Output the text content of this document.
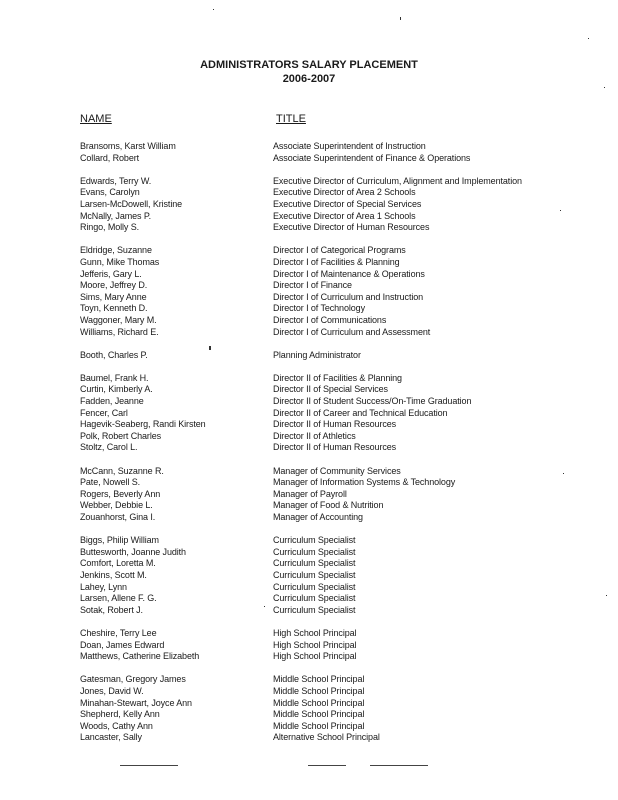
ADMINISTRATORS SALARY PLACEMENT
2006-2007
NAME	TITLE
Bransoms, Karst William	Associate Superintendent of Instruction
Collard, Robert	Associate Superintendent of Finance & Operations
Edwards, Terry W.	Executive Director of Curriculum, Alignment and Implementation
Evans, Carolyn	Executive Director of Area 2 Schools
Larsen-McDowell, Kristine	Executive Director of Special Services
McNally, James P.	Executive Director of Area 1 Schools
Ringo, Molly S.	Executive Director of Human Resources
Eldridge, Suzanne	Director I of Categorical Programs
Gunn, Mike Thomas	Director I of Facilities & Planning
Jefferis, Gary L.	Director I of Maintenance & Operations
Moore, Jeffrey D.	Director I of Finance
Sims, Mary Anne	Director I of Curriculum and Instruction
Toyn, Kenneth D.	Director I of Technology
Waggoner, Mary M.	Director I of Communications
Williams, Richard E.	Director I of Curriculum and Assessment
Booth, Charles P.	Planning Administrator
Baumel, Frank H.	Director II of Facilities & Planning
Curtin, Kimberly A.	Director II of Special Services
Fadden, Jeanne	Director II of Student Success/On-Time Graduation
Fencer, Carl	Director II of Career and Technical Education
Hagevik-Seaberg, Randi Kirsten	Director II of Human Resources
Polk, Robert Charles	Director II of Athletics
Stoltz, Carol L.	Director II of Human Resources
McCann, Suzanne R.	Manager of Community Services
Pate, Nowell S.	Manager of Information Systems & Technology
Rogers, Beverly Ann	Manager of Payroll
Webber, Debbie L.	Manager of Food & Nutrition
Zouanhorst, Gina I.	Manager of Accounting
Biggs, Philip William	Curriculum Specialist
Buttesworth, Joanne Judith	Curriculum Specialist
Comfort, Loretta M.	Curriculum Specialist
Jenkins, Scott M.	Curriculum Specialist
Lahey, Lynn	Curriculum Specialist
Larsen, Allene F. G.	Curriculum Specialist
Sotak, Robert J.	Curriculum Specialist
Cheshire, Terry Lee	High School Principal
Doan, James Edward	High School Principal
Matthews, Catherine Elizabeth	High School Principal
Gatesman, Gregory James	Middle School Principal
Jones, David W.	Middle School Principal
Minahan-Stewart, Joyce Ann	Middle School Principal
Shepherd, Kelly Ann	Middle School Principal
Woods, Cathy Ann	Middle School Principal
Lancaster, Sally	Alternative School Principal
